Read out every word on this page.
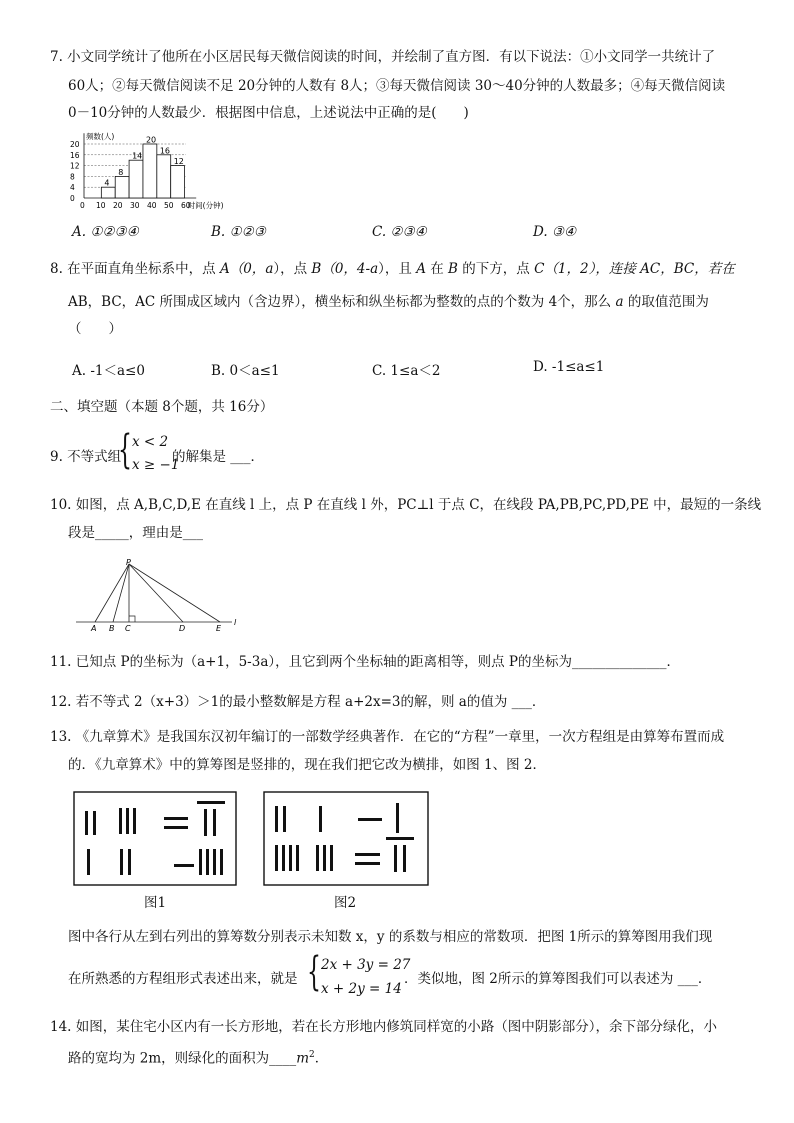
7. 小文同学统计了他所在小区居民每天微信阅读的时间，并绘制了直方图．有以下说法：①小文同学一共统计了
60人；②每天微信阅读不足 20分钟的人数有 8人；③每天微信阅读 30～40分钟的人数最多；④每天微信阅读
0－10分钟的人数最少．根据图中信息，上述说法中正确的是(　　)
频数(人)
4
8
14
20
16
12
20
16
12
8
4
0
0 10 20 30 40 50 60
时间(分钟)
A. ①②③④	B. ①②③	C. ②③④	D. ③④
8. 在平面直角坐标系中，点 A（0，a），点 B（0，4-a），且 A 在 B 的下方，点 C（1，2），连接 AC，BC，若在
AB，BC，AC 所围成区域内（含边界），横坐标和纵坐标都为整数的点的个数为 4个，那么 a 的取值范围为
（　　）
A. -1＜a≤0	B. 0＜a≤1	C. 1≤a＜2	D. -1≤a≤1
二、填空题（本题 8个题，共 16分）
9. 不等式组
{ x < 2
x ≥ −1
的解集是 ___．
10. 如图，点 A,B,C,D,E 在直线 l 上，点 P 在直线 l 外，PC⊥l 于点 C，在线段 PA,PB,PC,PD,PE 中，最短的一条线
段是_____，理由是___
P
A B C	D	E
l
11. 已知点 P的坐标为（a+1，5-3a），且它到两个坐标轴的距离相等，则点 P的坐标为______________．
12. 若不等式 2（x+3）＞1的最小整数解是方程 a+2x=3的解，则 a的值为 ___．
13. 《九章算术》是我国东汉初年编订的一部数学经典著作．在它的“方程”一章里，一次方程组是由算筹布置而成
的．《九章算术》中的算筹图是竖排的，现在我们把它改为横排，如图 1、图 2．
图1	图2
图中各行从左到右列出的算筹数分别表示未知数 x，y 的系数与相应的常数项．把图 1所示的算筹图用我们现
在所熟悉的方程组形式表述出来，就是 { 2x + 3y = 27
x + 2y = 14
．类似地，图 2所示的算筹图我们可以表述为 ___．
14. 如图，某住宅小区内有一长方形地，若在长方形地内修筑同样宽的小路（图中阴影部分），余下部分绿化，小
路的宽均为 2m，则绿化的面积为$\_\_\_\_m^2$．
